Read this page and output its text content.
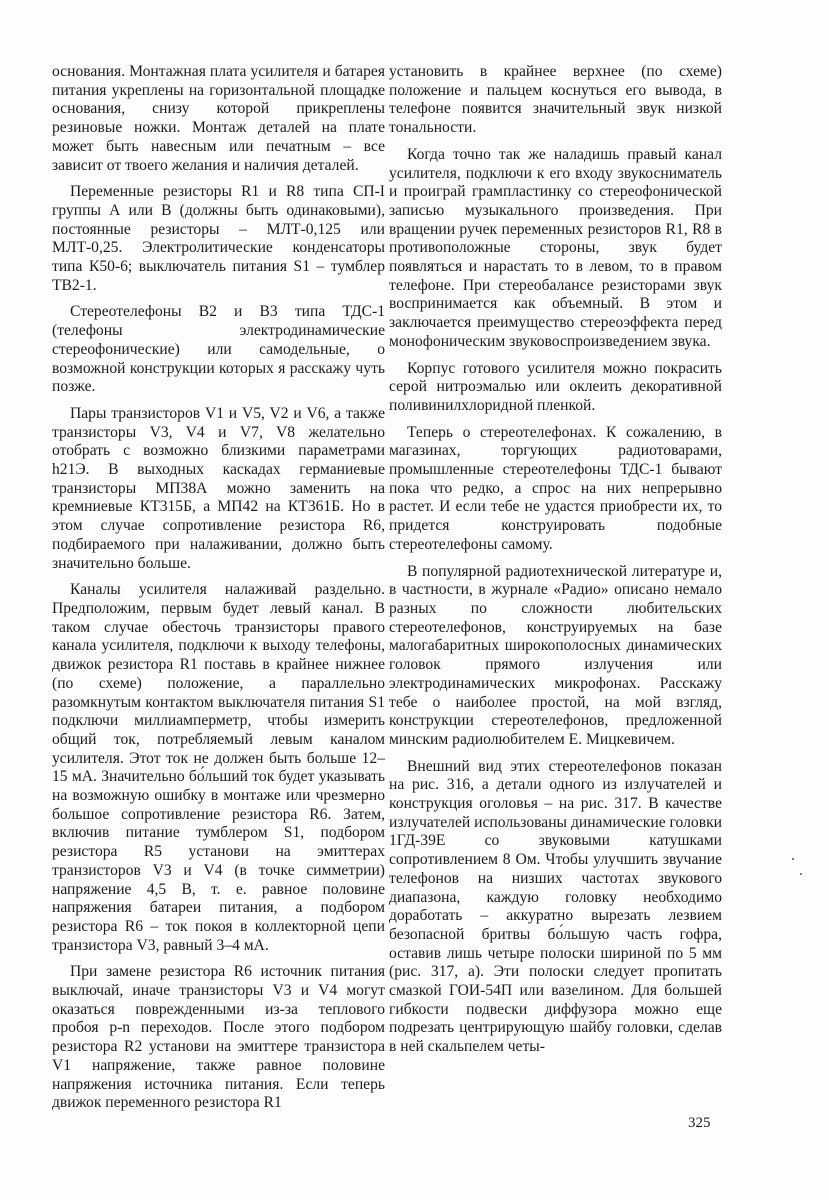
основания. Монтажная плата усилителя и батарея питания укреплены на горизонтальной площадке основания, снизу которой прикреплены резиновые ножки. Монтаж деталей на плате может быть навесным или печатным – все зависит от твоего желания и наличия деталей.

Переменные резисторы R1 и R8 типа СП-I группы А или В (должны быть одинаковыми), постоянные резисторы – МЛТ-0,125 или МЛТ-0,25. Электролитические конденсаторы типа К50-6; выключатель питания S1 – тумблер ТВ2-1.

Стереотелефоны В2 и В3 типа ТДС-1 (телефоны электродинамические стереофонические) или самодельные, о возможной конструкции которых я расскажу чуть позже.

Пары транзисторов V1 и V5, V2 и V6, а также транзисторы V3, V4 и V7, V8 желательно отобрать с возможно близкими параметрами h21Э. В выходных каскадах германиевые транзисторы МП38А можно заменить на кремниевые КТ315Б, а МП42 на КТ361Б. Но в этом случае сопротивление резистора R6, подбираемого при налаживании, должно быть значительно больше.

Каналы усилителя налаживай раздельно. Предположим, первым будет левый канал. В таком случае обесточь транзисторы правого канала усилителя, подключи к выходу телефоны, движок резистора R1 поставь в крайнее нижнее (по схеме) положение, а параллельно разомкнутым контактом выключателя питания S1 подключи миллиамперметр, чтобы измерить общий ток, потребляемый левым каналом усилителя. Этот ток не должен быть больше 12–15 мА. Значительно бо́льший ток будет указывать на возможную ошибку в монтаже или чрезмерно большое сопротивление резистора R6. Затем, включив питание тумблером S1, подбором резистора R5 установи на эмиттерах транзисторов V3 и V4 (в точке симметрии) напряжение 4,5 В, т. е. равное половине напряжения батареи питания, а подбором резистора R6 – ток покоя в коллекторной цепи транзистора V3, равный 3–4 мА.

При замене резистора R6 источник питания выключай, иначе транзисторы V3 и V4 могут оказаться поврежденными из-за теплового пробоя p-n переходов. После этого подбором резистора R2 установи на эмиттере транзистора V1 напряжение, также равное половине напряжения источника питания. Если теперь движок переменного резистора R1

установить в крайнее верхнее (по схеме) положение и пальцем коснуться его вывода, в телефоне появится значительный звук низкой тональности.

Когда точно так же наладишь правый канал усилителя, подключи к его входу звукосниматель и проиграй грампластинку со стереофонической записью музыкального произведения. При вращении ручек переменных резисторов R1, R8 в противоположные стороны, звук будет появляться и нарастать то в левом, то в правом телефоне. При стереобалансе резисторами звук воспринимается как объемный. В этом и заключается преимущество стереоэффекта перед монофоническим звуковоспроизведением звука.

Корпус готового усилителя можно покрасить серой нитроэмалью или оклеить декоративной поливинилхлоридной пленкой.

Теперь о стереотелефонах. К сожалению, в магазинах, торгующих радиотоварами, промышленные стереотелефоны ТДС-1 бывают пока что редко, а спрос на них непрерывно растет. И если тебе не удастся приобрести их, то придется конструировать подобные стереотелефоны самому.

В популярной радиотехнической литературе и, в частности, в журнале «Радио» описано немало разных по сложности любительских стереотелефонов, конструируемых на базе малогабаритных широкополосных динамических головок прямого излучения или электродинамических микрофонах. Расскажу тебе о наиболее простой, на мой взгляд, конструкции стереотелефонов, предложенной минским радиолюбителем Е. Мицкевичем.

Внешний вид этих стереотелефонов показан на рис. 316, а детали одного из излучателей и конструкция оголовья – на рис. 317. В качестве излучателей использованы динамические головки 1ГД-39Е со звуковыми катушками сопротивлением 8 Ом. Чтобы улучшить звучание телефонов на низших частотах звукового диапазона, каждую головку необходимо доработать – аккуратно вырезать лезвием безопасной бритвы бо́льшую часть гофра, оставив лишь четыре полоски шириной по 5 мм (рис. 317, а). Эти полоски следует пропитать смазкой ГОИ-54П или вазелином. Для большей гибкости подвески диффузора можно еще подрезать центрирующую шайбу головки, сделав в ней скальпелем четы-

325
